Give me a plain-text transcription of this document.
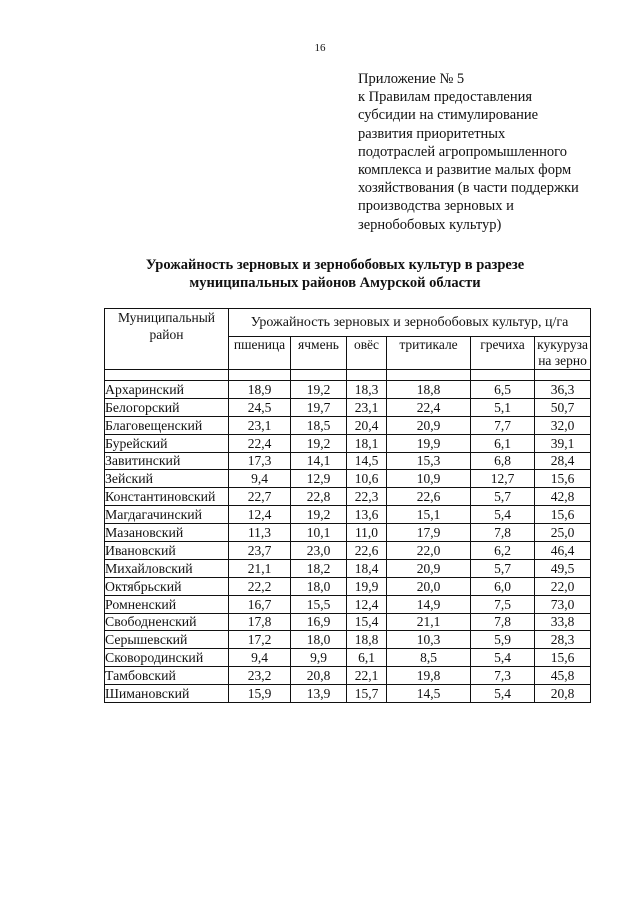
16
Приложение № 5
к Правилам предоставления
субсидии на стимулирование
развития приоритетных
подотраслей агропромышленного
комплекса и развитие малых форм
хозяйствования (в части поддержки
производства зерновых и
зернобобовых культур)
Урожайность зерновых и зернобобовых культур в разрезе
муниципальных районов Амурской области
Муниципальный район	Урожайность зерновых и зернобобовых культур, ц/га					
	пшеница	ячмень	овёс	тритикале	гречиха	кукуруза на зерно

Архаринский	18,9	19,2	18,3	18,8	6,5	36,3
Белогорский	24,5	19,7	23,1	22,4	5,1	50,7
Благовещенский	23,1	18,5	20,4	20,9	7,7	32,0
Бурейский	22,4	19,2	18,1	19,9	6,1	39,1
Завитинский	17,3	14,1	14,5	15,3	6,8	28,4
Зейский	9,4	12,9	10,6	10,9	12,7	15,6
Константиновский	22,7	22,8	22,3	22,6	5,7	42,8
Магдагачинский	12,4	19,2	13,6	15,1	5,4	15,6
Мазановский	11,3	10,1	11,0	17,9	7,8	25,0
Ивановский	23,7	23,0	22,6	22,0	6,2	46,4
Михайловский	21,1	18,2	18,4	20,9	5,7	49,5
Октябрьский	22,2	18,0	19,9	20,0	6,0	22,0
Ромненский	16,7	15,5	12,4	14,9	7,5	73,0
Свободненский	17,8	16,9	15,4	21,1	7,8	33,8
Серышевский	17,2	18,0	18,8	10,3	5,9	28,3
Сковородинский	9,4	9,9	6,1	8,5	5,4	15,6
Тамбовский	23,2	20,8	22,1	19,8	7,3	45,8
Шимановский	15,9	13,9	15,7	14,5	5,4	20,8
